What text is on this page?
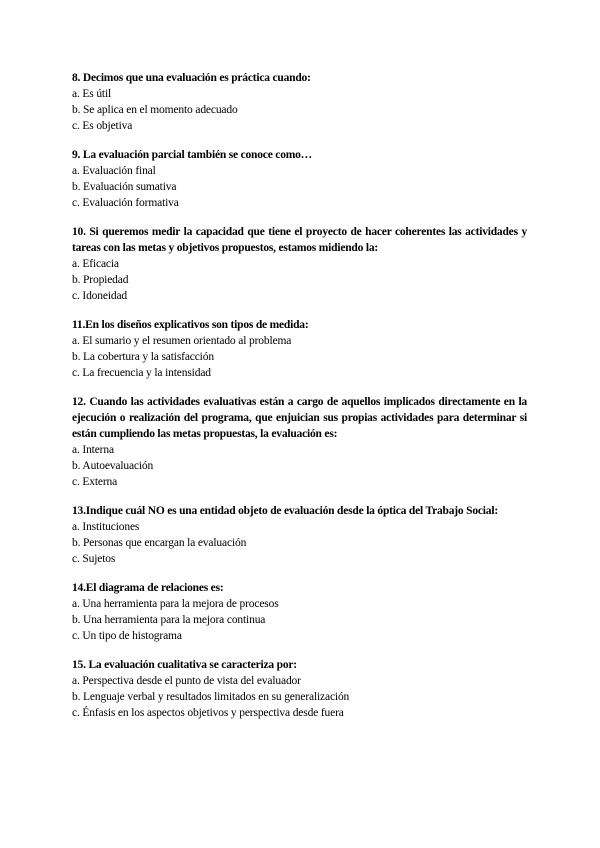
8. Decimos que una evaluación es práctica cuando:
a. Es útil
b. Se aplica en el momento adecuado
c. Es objetiva
9. La evaluación parcial también se conoce como…
a. Evaluación final
b. Evaluación sumativa
c. Evaluación formativa
10. Si queremos medir la capacidad que tiene el proyecto de hacer coherentes las actividades y tareas con las metas y objetivos propuestos, estamos midiendo la:
a. Eficacia
b. Propiedad
c. Idoneidad
11.En los diseños explicativos son tipos de medida:
a. El sumario y el resumen orientado al problema
b. La cobertura y la satisfacción
c. La frecuencia y la intensidad
12. Cuando las actividades evaluativas están a cargo de aquellos implicados directamente en la ejecución o realización del programa, que enjuician sus propias actividades para determinar si están cumpliendo las metas propuestas, la evaluación es:
a. Interna
b. Autoevaluación
c. Externa
13.Indique cuál NO es una entidad objeto de evaluación desde la óptica del Trabajo Social:
a. Instituciones
b. Personas que encargan la evaluación
c. Sujetos
14.El diagrama de relaciones es:
a. Una herramienta para la mejora de procesos
b. Una herramienta para la mejora continua
c. Un tipo de histograma
15. La evaluación cualitativa se caracteriza por:
a. Perspectiva desde el punto de vista del evaluador
b. Lenguaje verbal y resultados limitados en su generalización
c. Énfasis en los aspectos objetivos y perspectiva desde fuera
